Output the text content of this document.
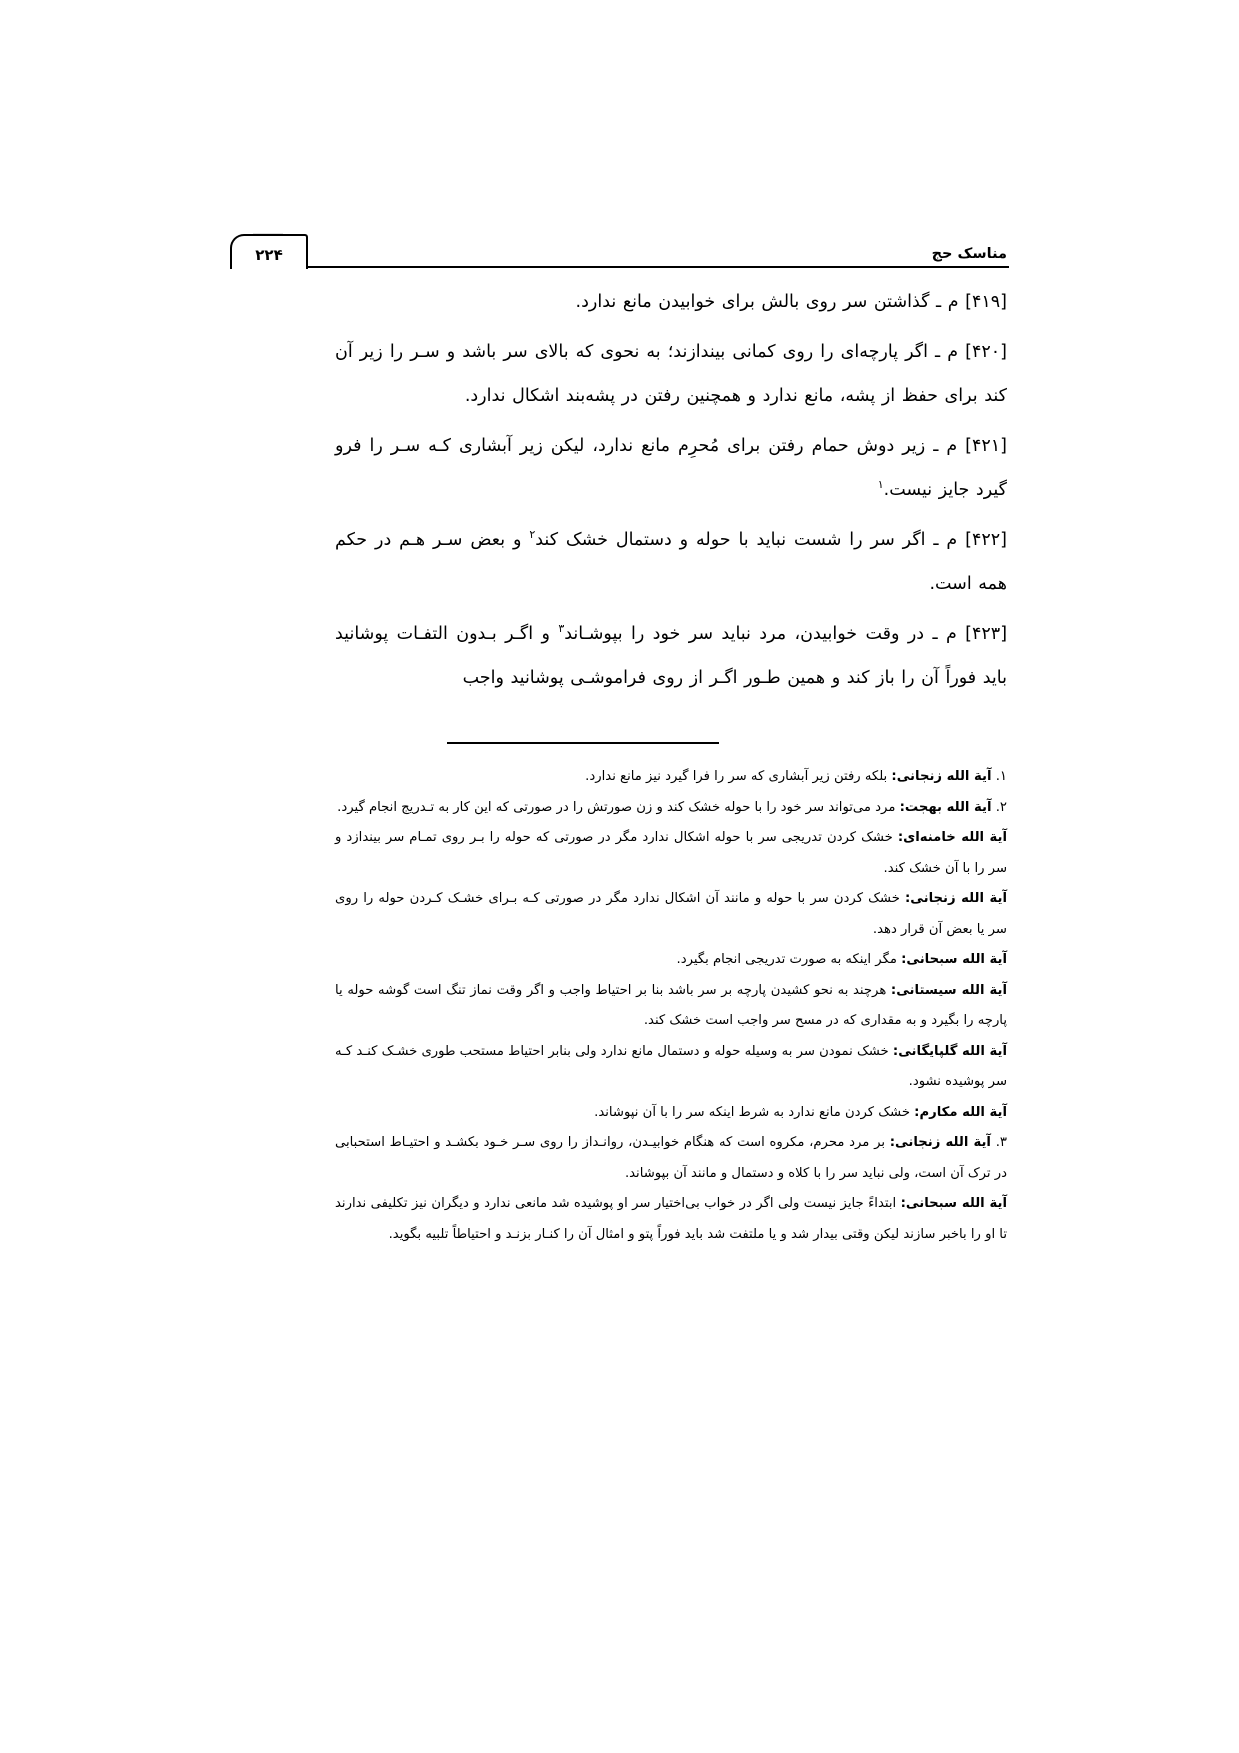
مناسک حج
۲۲۴

[۴۱۹] م ـ گذاشتن سر روی بالش برای خوابیدن مانع ندارد.

[۴۲۰] م ـ اگر پارچه‌ای را روی کمانی بیندازند؛ به نحوی که بالای سر باشد و سـر را زیر آن کند برای حفظ از پشه، مانع ندارد و همچنین رفتن در پشه‌بند اشکال ندارد.

[۴۲۱] م ـ زیر دوش حمام رفتن برای مُحرِم مانع ندارد، لیکن زیر آبشاری کـه سـر را فرو گیرد جایز نیست.$^۱$

[۴۲۲] م ـ اگر سر را شست نباید با حوله و دستمال خشک کند$^۲$ و بعض سـر هـم در حکم همه است.

[۴۲۳] م ـ در وقت خوابیدن، مرد نباید سر خود را بپوشـاند$^۳$ و اگـر بـدون التفـات پوشانید باید فوراً آن را باز کند و همین طـور اگـر از روی فراموشـی پوشانید واجب

۱. آیة الله زنجانی: بلکه رفتن زیر آبشاری که سر را فرا گیرد نیز مانع ندارد.

۲. آیة الله بهجت: مرد می‌تواند سر خود را با حوله خشک کند و زن صورتش را در صورتی که این کار به تـدریج انجام گیرد.

آیة الله خامنه‌ای: خشک کردن تدریجی سر با حوله اشکال ندارد مگر در صورتی که حوله را بـر روی تمـام سر بیندازد و سر را با آن خشک کند.

آیة الله زنجانی: خشک کردن سر با حوله و مانند آن اشکال ندارد مگر در صورتی کـه بـرای خشـک کـردن حوله را روی سر یا بعض آن قرار دهد.

آیة الله سبحانی: مگر اینکه به صورت تدریجی انجام بگیرد.

آیة الله سیستانی: هرچند به نحو کشیدن پارچه بر سر باشد بنا بر احتیاط واجب و اگر وقت نماز تنگ است گوشه حوله یا پارچه را بگیرد و به مقداری که در مسح سر واجب است خشک کند.

آیة الله گلپایگانی: خشک نمودن سر به وسیله حوله و دستمال مانع ندارد ولی بنابر احتیاط مستحب طوری خشـک کنـد کـه سر پوشیده نشود.

آیة الله مکارم: خشک کردن مانع ندارد به شرط اینکه سر را با آن نپوشاند.

۳. آیة الله زنجانی: بر مرد محرم، مکروه است که هنگام خوابیـدن، روانـداز را روی سـر خـود بکشـد و احتیـاط استحبابی در ترک آن است، ولی نباید سر را با کلاه و دستمال و مانند آن بپوشاند.

آیة الله سبحانی: ابتداءً جایز نیست ولی اگر در خواب بی‌اختیار سر او پوشیده شد مانعی ندارد و دیگران نیز تکلیفی ندارند تا او را باخبر سازند لیکن وقتی بیدار شد و یا ملتفت شد باید فوراً پتو و امثال آن را کنـار بزنـد و احتیاطاً تلبیه بگوید.
